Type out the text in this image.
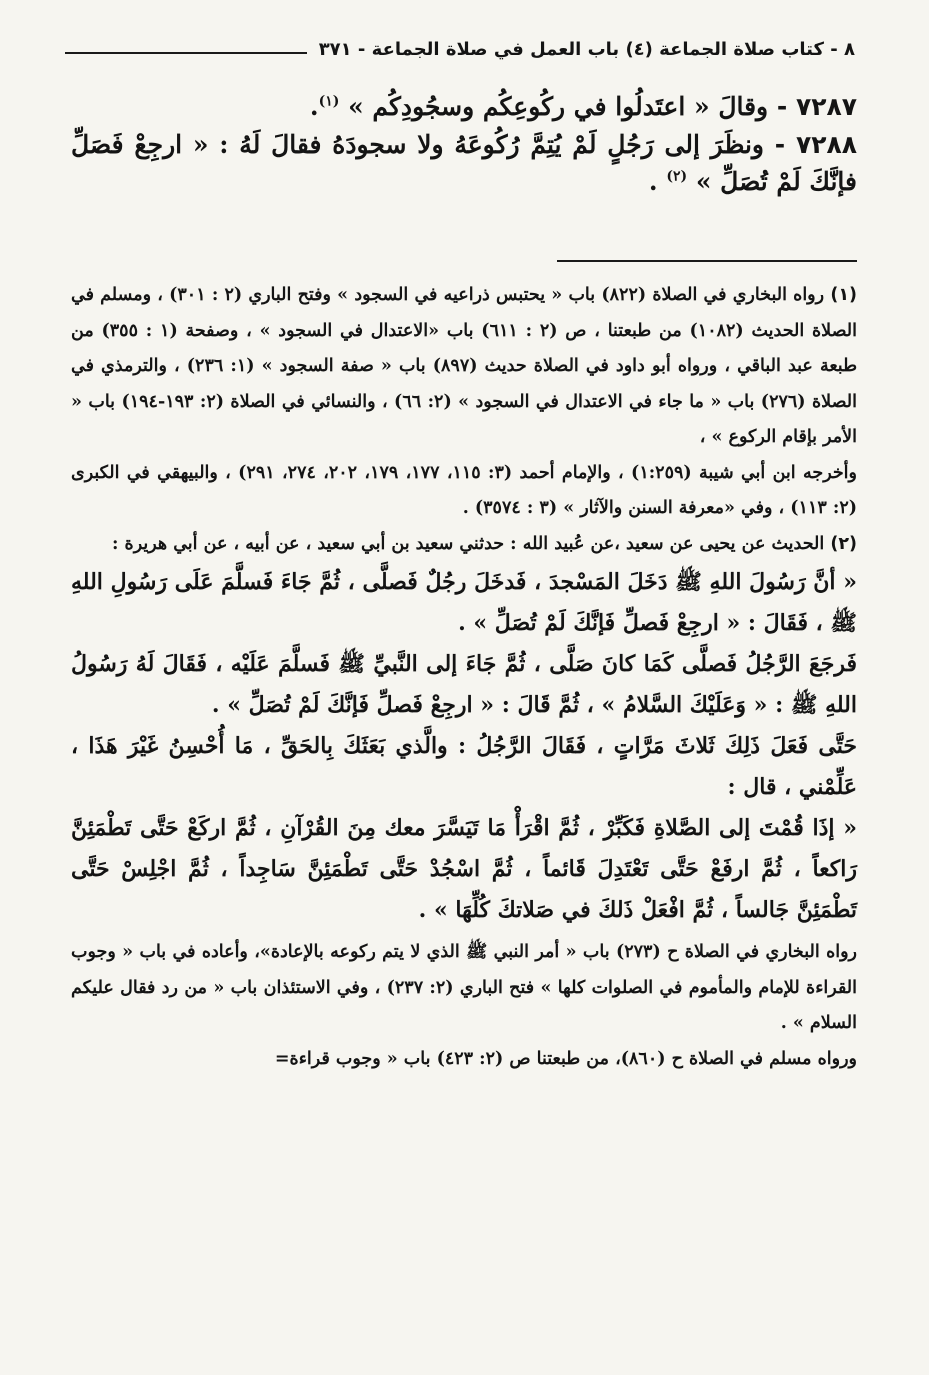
٨ - كتاب صلاة الجماعة (٤) باب العمل في صلاة الجماعة - ٣٧١

٧٢٨٧ - وقالَ « اعتَدلُوا في ركُوعِكُم وسجُودِكُم » $^{(١)}$.

٧٢٨٨ - ونظَرَ إلى رَجُلٍ لَمْ يُتِمَّ رُكُوعَهُ ولا سجودَهُ فقالَ لَهُ : « ارجِعْ فَصَلِّ فإنَّكَ لَمْ تُصَلِّ » $^{(٢)}$ .

(١) رواه البخاري في الصلاة (٨٢٢) باب « يحتبس ذراعيه في السجود » وفتح الباري (٢ : ٣٠١) ، ومسلم في الصلاة الحديث (١٠٨٢) من طبعتنا ، ص (٢ : ٦١١) باب «الاعتدال في السجود » ، وصفحة (١ : ٣٥٥) من طبعة عبد الباقي ، ورواه أبو داود في الصلاة حديث (٨٩٧) باب « صفة السجود » (١: ٢٣٦) ، والترمذي في الصلاة (٢٧٦) باب « ما جاء في الاعتدال في السجود » (٢: ٦٦) ، والنسائي في الصلاة (٢: ١٩٣-١٩٤) باب « الأمر بإقام الركوع » ،

وأخرجه ابن أبي شيبة (١:٢٥٩) ، والإمام أحمد (٣: ١١٥، ١٧٧، ١٧٩، ٢٠٢، ٢٧٤، ٢٩١) ، والبيهقي في الكبرى (٢: ١١٣) ، وفي «معرفة السنن والآثار » (٣ : ٣٥٧٤) .

(٢) الحديث عن يحيى عن سعيد ،عن عُبيد الله : حدثني سعيد بن أبي سعيد ، عن أبيه ، عن أبي هريرة :

« أنَّ رَسُولَ اللهِ ﷺ دَخَلَ المَسْجدَ ، فَدخَلَ رجُلٌ فَصلَّى ، ثُمَّ جَاءَ فَسلَّمَ عَلَى رَسُولِ اللهِ ﷺ ، فَقَالَ : « ارجِعْ فَصلِّ فَإنَّكَ لَمْ تُصَلِّ » .

فَرجَعَ الرَّجُلُ فَصلَّى كَمَا كانَ صَلَّى ، ثُمَّ جَاءَ إلى النَّبيِّ ﷺ فَسلَّمَ عَلَيْه ، فَقَالَ لَهُ رَسُولُ اللهِ ﷺ : « وَعَلَيْكَ السَّلامُ » ، ثُمَّ قَالَ : « ارجِعْ فَصلِّ فَإنَّكَ لَمْ تُصَلِّ » .

حَتَّى فَعَلَ ذَلِكَ ثَلاثَ مَرَّاتٍ ، فَقَالَ الرَّجُلُ : والَّذي بَعَثَكَ بِالحَقِّ ، مَا أُحْسِنُ غَيْرَ هَذَا ، عَلِّمْني ، قال :

« إذَا قُمْتَ إلى الصَّلاةِ فَكَبِّرْ ، ثُمَّ اقْرَأْ مَا تَيَسَّرَ معك مِنَ القُرْآنِ ، ثُمَّ اركَعْ حَتَّى تَطْمَئِنَّ رَاكعاً ، ثُمَّ ارفَعْ حَتَّى تَعْتَدِلَ قَائماً ، ثُمَّ اسْجُدْ حَتَّى تَطْمَئِنَّ سَاجِداً ، ثُمَّ اجْلِسْ حَتَّى تَطْمَئِنَّ جَالساً ، ثُمَّ افْعَلْ ذَلكَ في صَلاتكَ كُلِّهَا » .

رواه البخاري في الصلاة ح (٢٧٣) باب « أمر النبي ﷺ الذي لا يتم ركوعه بالإعادة»، وأعاده في باب « وجوب القراءة للإمام والمأموم في الصلوات كلها » فتح الباري (٢: ٢٣٧) ، وفي الاستئذان باب « من رد فقال عليكم السلام » .

ورواه مسلم في الصلاة ح (٨٦٠)، من طبعتنا ص (٢: ٤٢٣) باب « وجوب قراءة=
